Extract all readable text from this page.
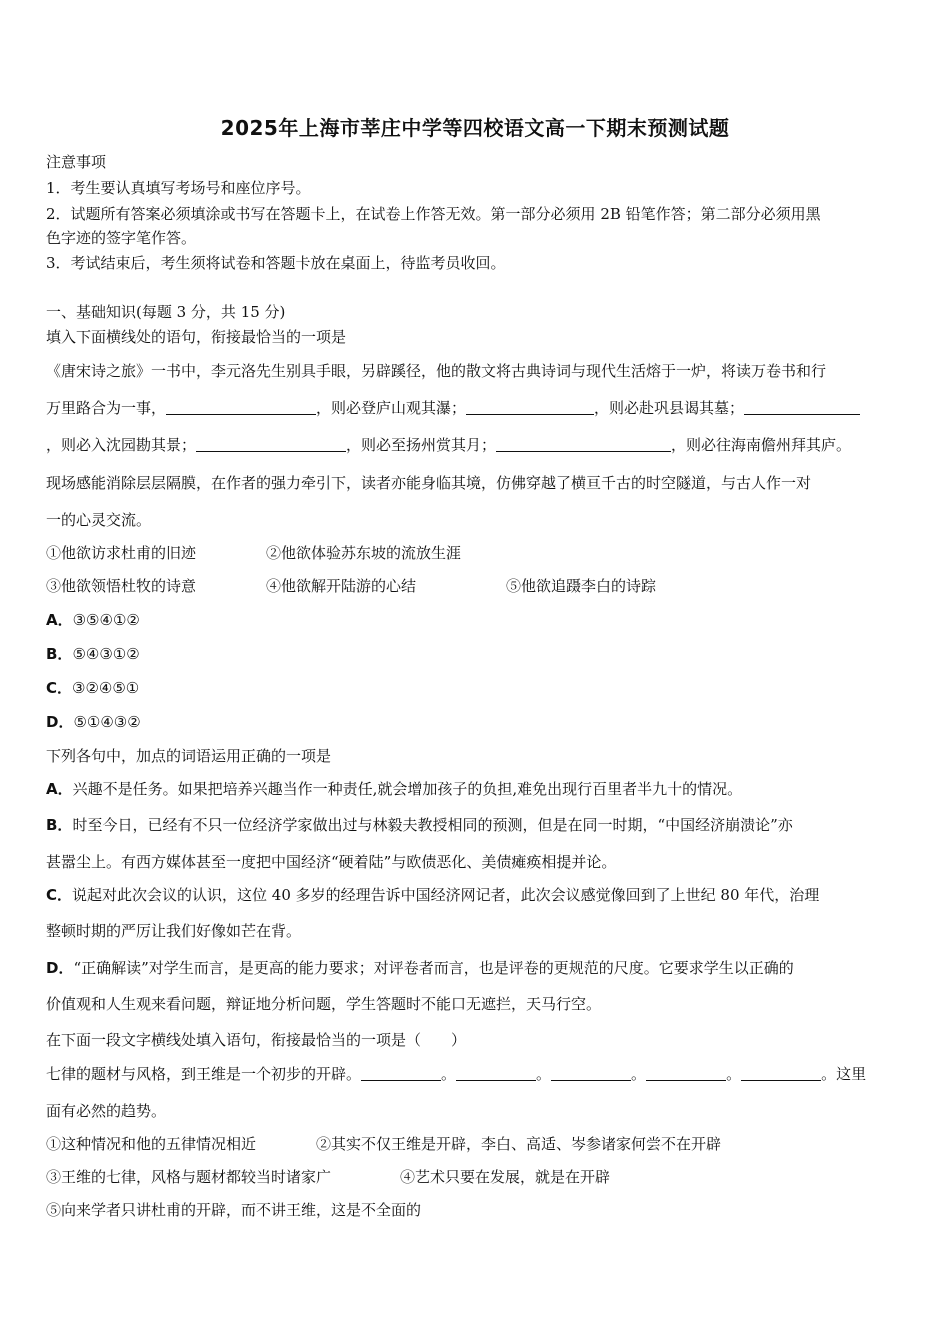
2025年上海市莘庄中学等四校语文高一下期末预测试题
注意事项
1．考生要认真填写考场号和座位序号。
2．试题所有答案必须填涂或书写在答题卡上，在试卷上作答无效。第一部分必须用 2B 铅笔作答；第二部分必须用黑
色字迹的签字笔作答。
3．考试结束后，考生须将试卷和答题卡放在桌面上，待监考员收回。
一、基础知识(每题 3 分，共 15 分)
填入下面横线处的语句，衔接最恰当的一项是
《唐宋诗之旅》一书中，李元洛先生别具手眼，另辟蹊径，他的散文将古典诗词与现代生活熔于一炉，将读万卷书和行
万里路合为一事，	，则必登庐山观其瀑；	，则必赴巩县谒其墓；
，则必入沈园勘其景；	，则必至扬州赏其月；	，则必往海南儋州拜其庐。
现场感能消除层层隔膜，在作者的强力牵引下，读者亦能身临其境，仿佛穿越了横亘千古的时空隧道，与古人作一对
一的心灵交流。
①他欲访求杜甫的旧迹	②他欲体验苏东坡的流放生涯
③他欲领悟杜牧的诗意	④他欲解开陆游的心结	⑤他欲追蹑李白的诗踪
A．③⑤④①②
B．⑤④③①②
C．③②④⑤①
D．⑤①④③②
下列各句中，加点的词语运用正确的一项是
A．兴趣不是任务。如果把培养兴趣当作一种责任,就会增加孩子的负担,难免出现行百里者半九十的情况。
B．时至今日，已经有不只一位经济学家做出过与林毅夫教授相同的预测，但是在同一时期，“中国经济崩溃论”亦
甚嚣尘上。有西方媒体甚至一度把中国经济“硬着陆”与欧债恶化、美债瘫痪相提并论。
C．说起对此次会议的认识，这位 40 多岁的经理告诉中国经济网记者，此次会议感觉像回到了上世纪 80 年代，治理
整顿时期的严厉让我们好像如芒在背。
D．“正确解读”对学生而言，是更高的能力要求；对评卷者而言，也是评卷的更规范的尺度。它要求学生以正确的
价值观和人生观来看问题，辩证地分析问题，学生答题时不能口无遮拦，天马行空。
在下面一段文字横线处填入语句，衔接最恰当的一项是（　　）
七律的题材与风格，到王维是一个初步的开辟。	。	。	。	。	。这里
面有必然的趋势。
①这种情况和他的五律情况相近	②其实不仅王维是开辟，李白、高适、岑参诸家何尝不在开辟
③王维的七律，风格与题材都较当时诸家广	④艺术只要在发展，就是在开辟
⑤向来学者只讲杜甫的开辟，而不讲王维，这是不全面的
